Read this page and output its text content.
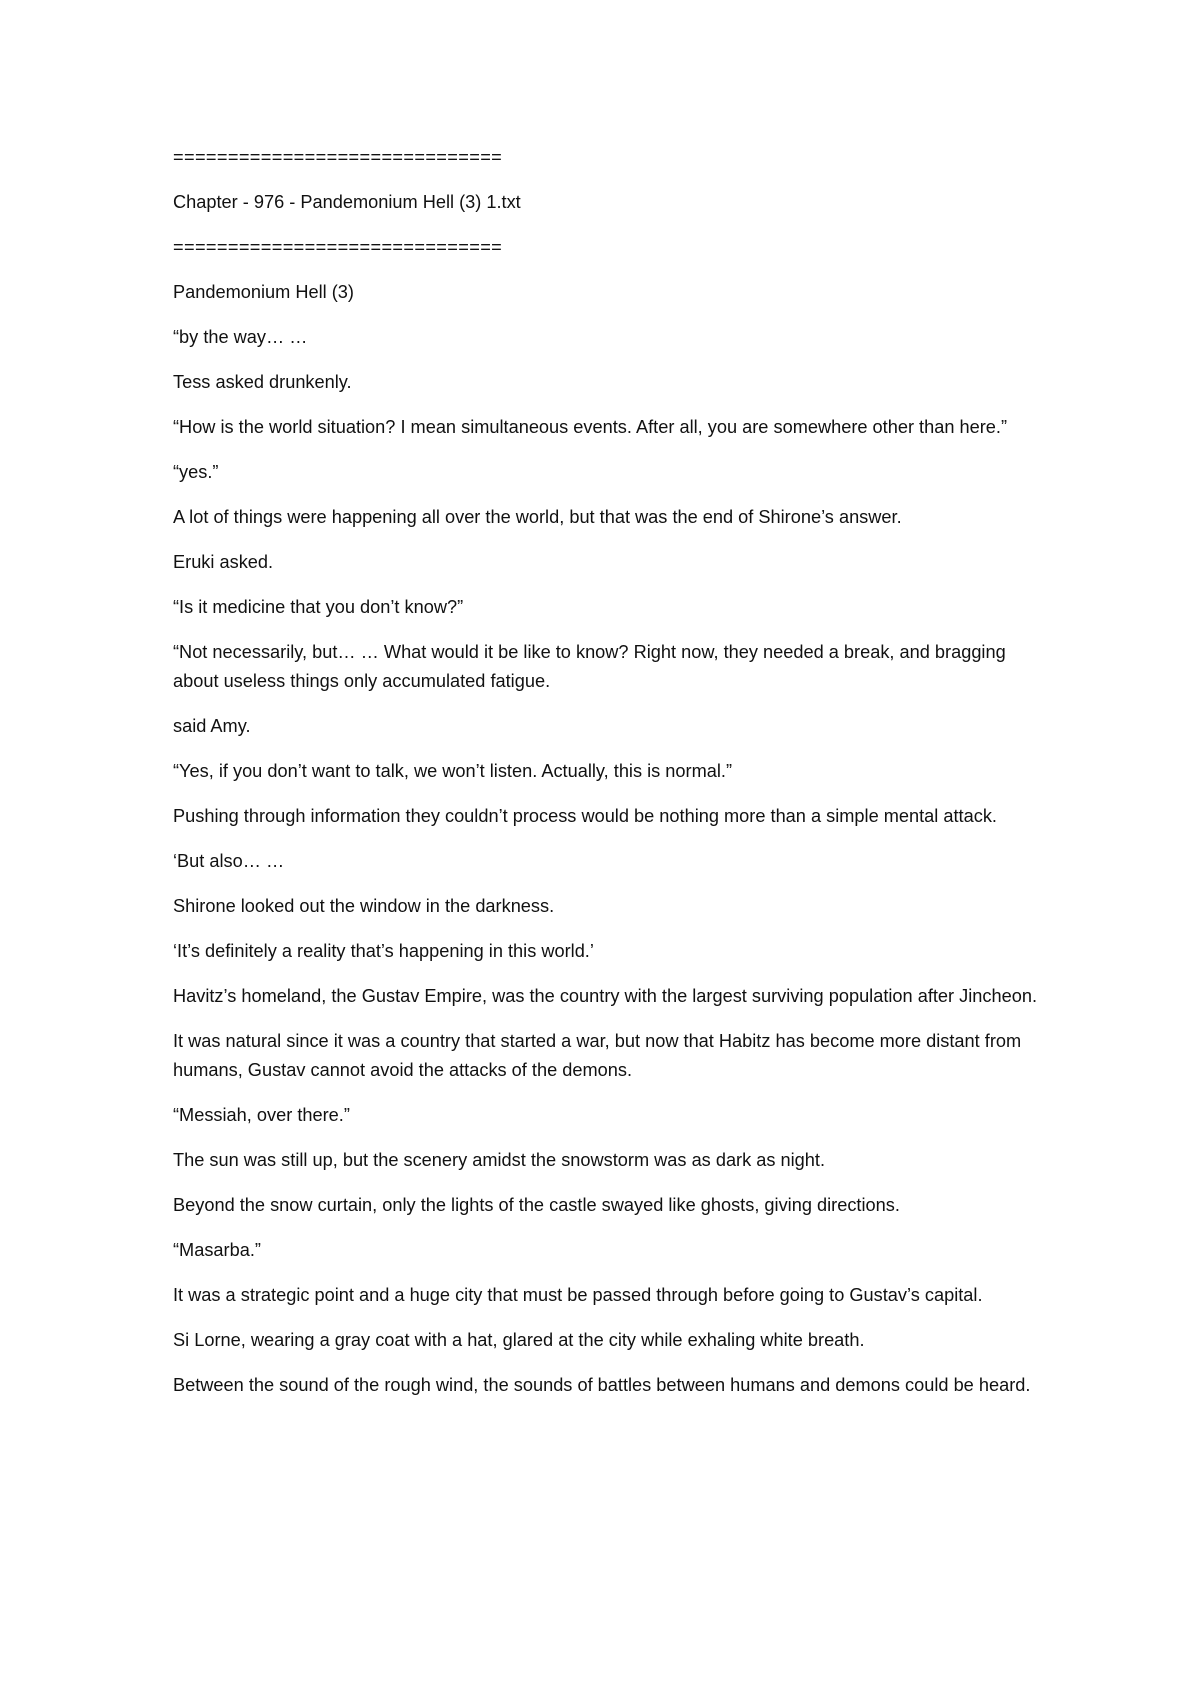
==============================

Chapter - 976 - Pandemonium Hell (3) 1.txt

==============================

Pandemonium Hell (3)

“by the way… …

Tess asked drunkenly.

“How is the world situation? I mean simultaneous events. After all, you are somewhere other than here.”

“yes.”

A lot of things were happening all over the world, but that was the end of Shirone’s answer.

Eruki asked.

“Is it medicine that you don’t know?”

“Not necessarily, but… … What would it be like to know? Right now, they needed a break, and bragging about useless things only accumulated fatigue.

said Amy.

“Yes, if you don’t want to talk, we won’t listen. Actually, this is normal.”

Pushing through information they couldn’t process would be nothing more than a simple mental attack.

‘But also… …

Shirone looked out the window in the darkness.

‘It’s definitely a reality that’s happening in this world.’

Havitz’s homeland, the Gustav Empire, was the country with the largest surviving population after Jincheon.

It was natural since it was a country that started a war, but now that Habitz has become more distant from humans, Gustav cannot avoid the attacks of the demons.

“Messiah, over there.”

The sun was still up, but the scenery amidst the snowstorm was as dark as night.

Beyond the snow curtain, only the lights of the castle swayed like ghosts, giving directions.

“Masarba.”

It was a strategic point and a huge city that must be passed through before going to Gustav’s capital.

Si Lorne, wearing a gray coat with a hat, glared at the city while exhaling white breath.

Between the sound of the rough wind, the sounds of battles between humans and demons could be heard.
